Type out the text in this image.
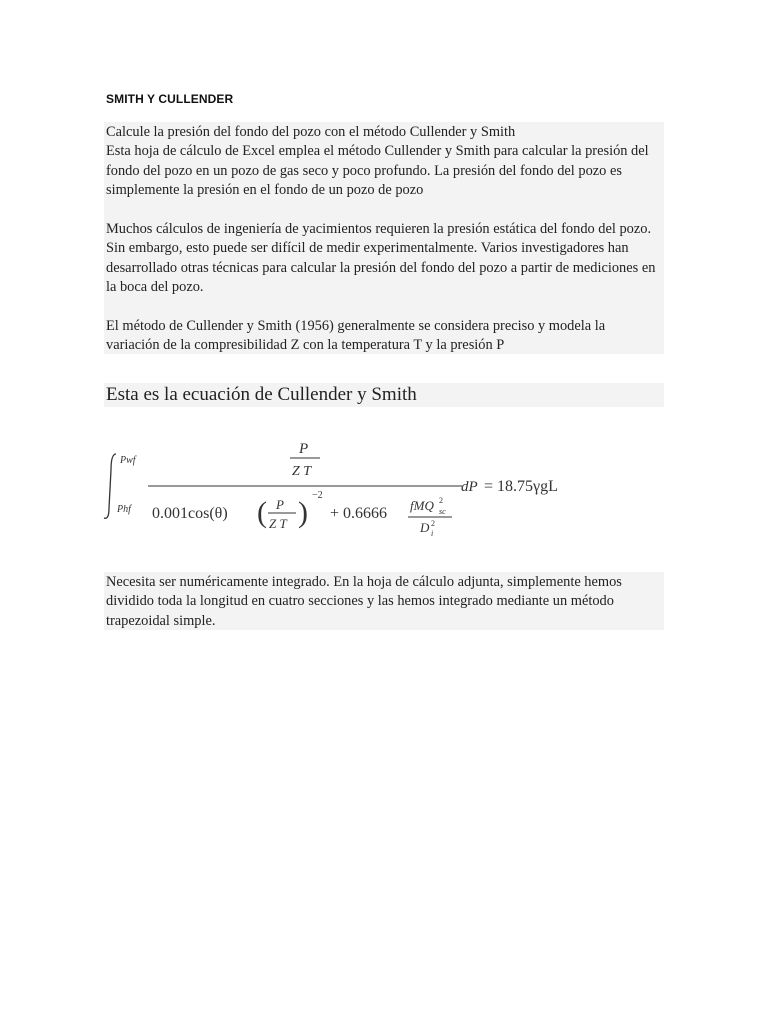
SMITH Y CULLENDER

Calcule la presión del fondo del pozo con el método Cullender y Smith

Esta hoja de cálculo de Excel emplea el método Cullender y Smith para calcular la presión del fondo del pozo en un pozo de gas seco y poco profundo. La presión del fondo del pozo es simplemente la presión en el fondo de un pozo de pozo

Muchos cálculos de ingeniería de yacimientos requieren la presión estática del fondo del pozo. Sin embargo, esto puede ser difícil de medir experimentalmente. Varios investigadores han desarrollado otras técnicas para calcular la presión del fondo del pozo a partir de mediciones en la boca del pozo.

El método de Cullender y Smith (1956) generalmente se considera preciso y modela la variación de la compresibilidad Z con la temperatura T y la presión P

Esta es la ecuación de Cullender y Smith
Pwf
Phf
P
Z T
0.001cos(θ) ( P
Z T )
−2
+ 0.6666 fMQ 2
sc
D 2
i
dP = 18.75γgL

Necesita ser numéricamente integrado. En la hoja de cálculo adjunta, simplemente hemos dividido toda la longitud en cuatro secciones y las hemos integrado mediante un método trapezoidal simple.
